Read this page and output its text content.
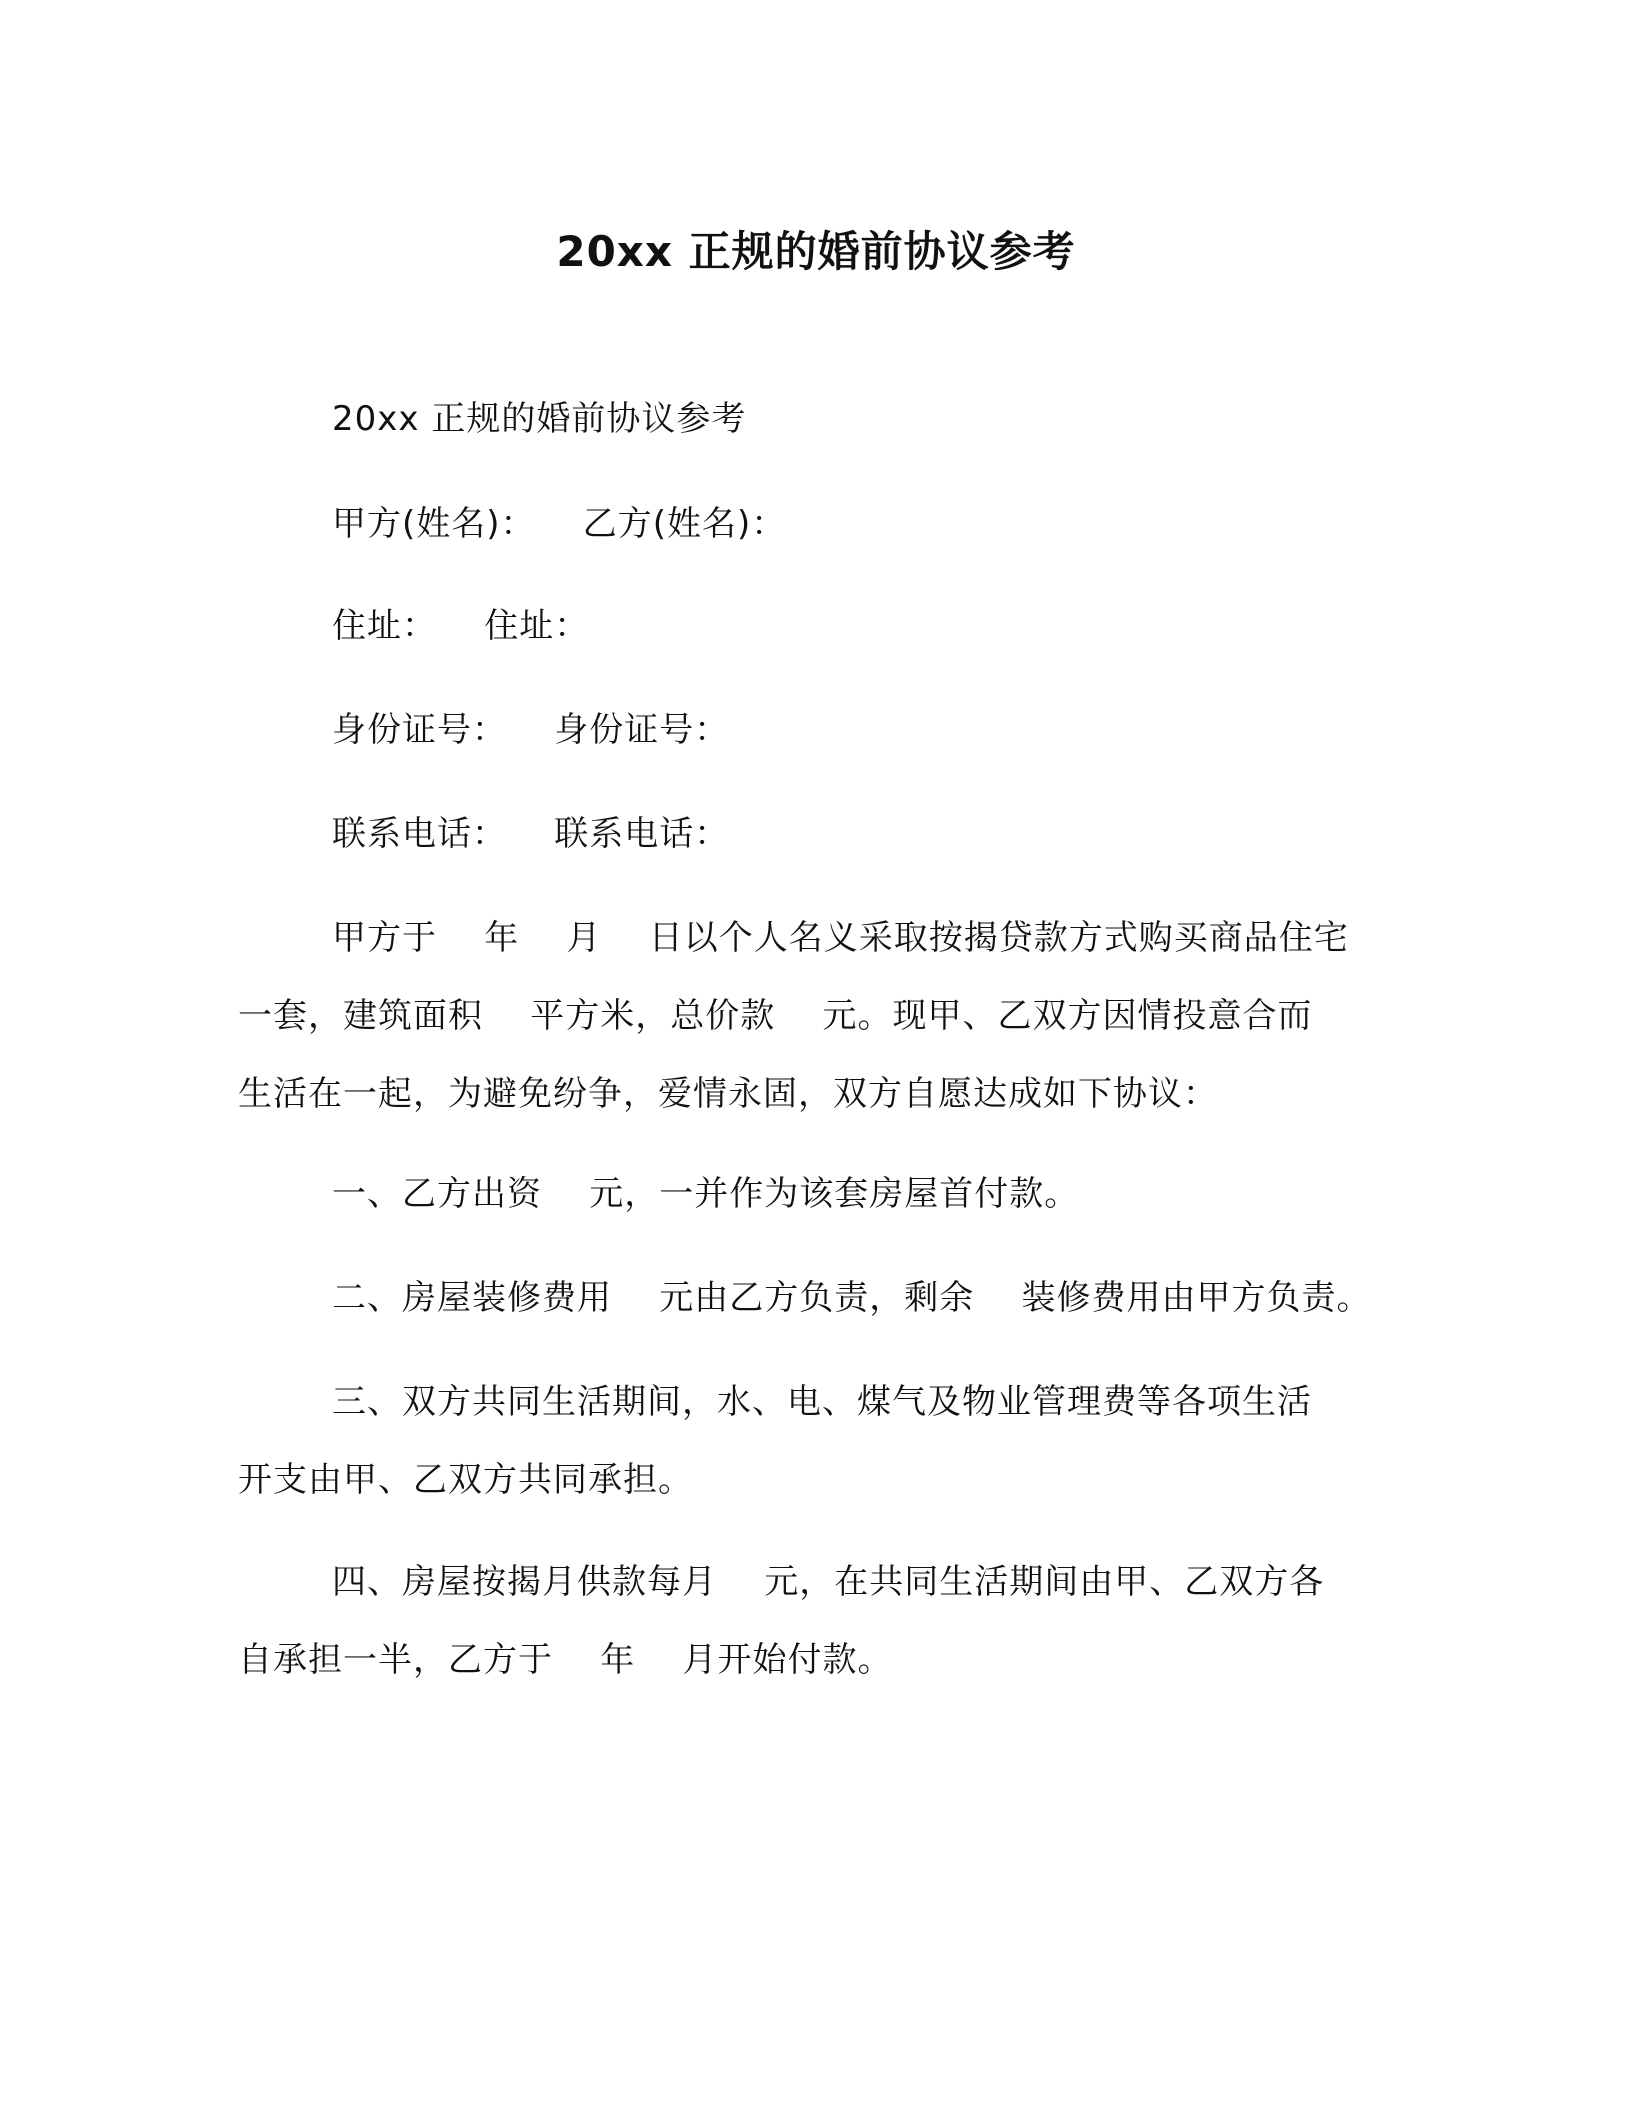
20xx 正规的婚前协议参考
20xx 正规的婚前协议参考
甲方(姓名)：    乙方(姓名)：
住址：    住址：
身份证号：    身份证号：
联系电话：    联系电话：
甲方于    年    月    日以个人名义采取按揭贷款方式购买商品住宅
一套，建筑面积    平方米，总价款    元。现甲、乙双方因情投意合而
生活在一起，为避免纷争，爱情永固，双方自愿达成如下协议：
一、乙方出资    元，一并作为该套房屋首付款。
二、房屋装修费用    元由乙方负责，剩余    装修费用由甲方负责。
三、双方共同生活期间，水、电、煤气及物业管理费等各项生活
开支由甲、乙双方共同承担。
四、房屋按揭月供款每月    元，在共同生活期间由甲、乙双方各
自承担一半，乙方于    年    月开始付款。
